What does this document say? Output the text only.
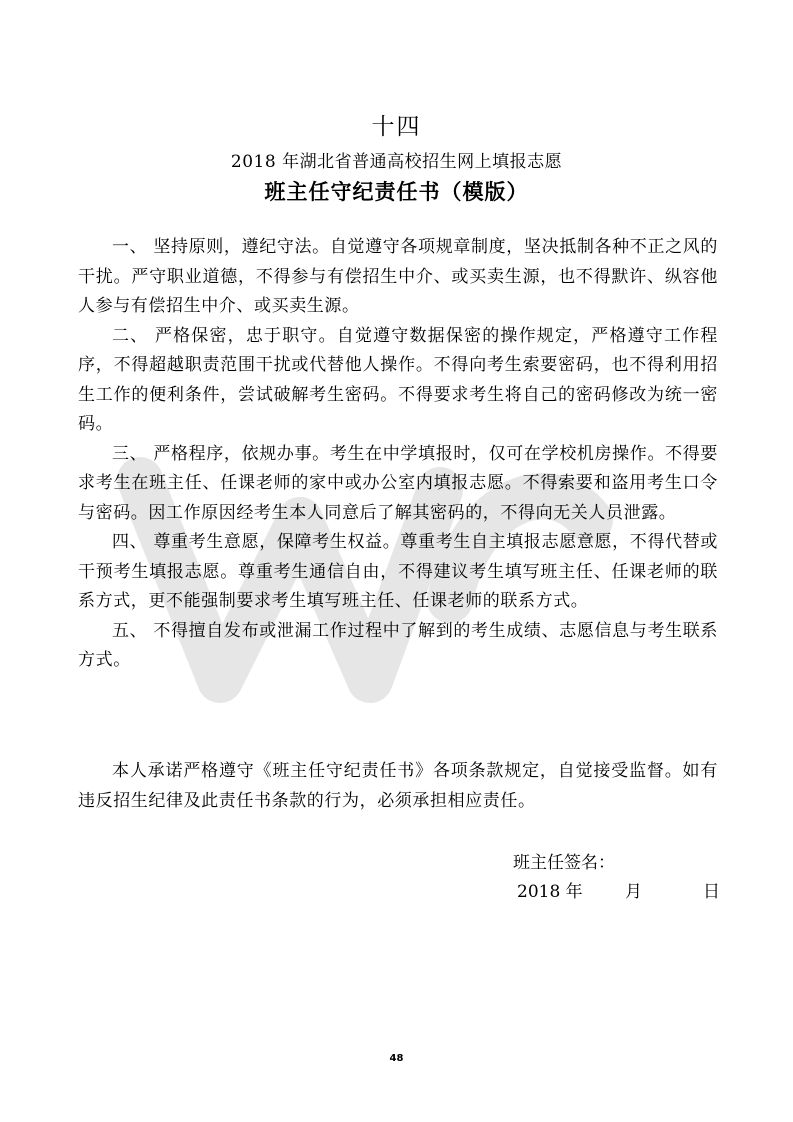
十四
2018 年湖北省普通高校招生网上填报志愿
班主任守纪责任书（模版）

一、 坚持原则，遵纪守法。自觉遵守各项规章制度，坚决抵制各种不正之风的干扰。严守职业道德，不得参与有偿招生中介、或买卖生源，也不得默许、纵容他人参与有偿招生中介、或买卖生源。

二、 严格保密，忠于职守。自觉遵守数据保密的操作规定，严格遵守工作程序，不得超越职责范围干扰或代替他人操作。不得向考生索要密码，也不得利用招生工作的便利条件，尝试破解考生密码。不得要求考生将自己的密码修改为统一密码。

三、 严格程序，依规办事。考生在中学填报时，仅可在学校机房操作。不得要求考生在班主任、任课老师的家中或办公室内填报志愿。不得索要和盗用考生口令与密码。因工作原因经考生本人同意后了解其密码的，不得向无关人员泄露。

四、 尊重考生意愿，保障考生权益。尊重考生自主填报志愿意愿，不得代替或干预考生填报志愿。尊重考生通信自由，不得建议考生填写班主任、任课老师的联系方式，更不能强制要求考生填写班主任、任课老师的联系方式。

五、 不得擅自发布或泄漏工作过程中了解到的考生成绩、志愿信息与考生联系方式。

本人承诺严格遵守《班主任守纪责任书》各项条款规定，自觉接受监督。如有违反招生纪律及此责任书条款的行为，必须承担相应责任。

班主任签名：
2018 年 月	日
48
